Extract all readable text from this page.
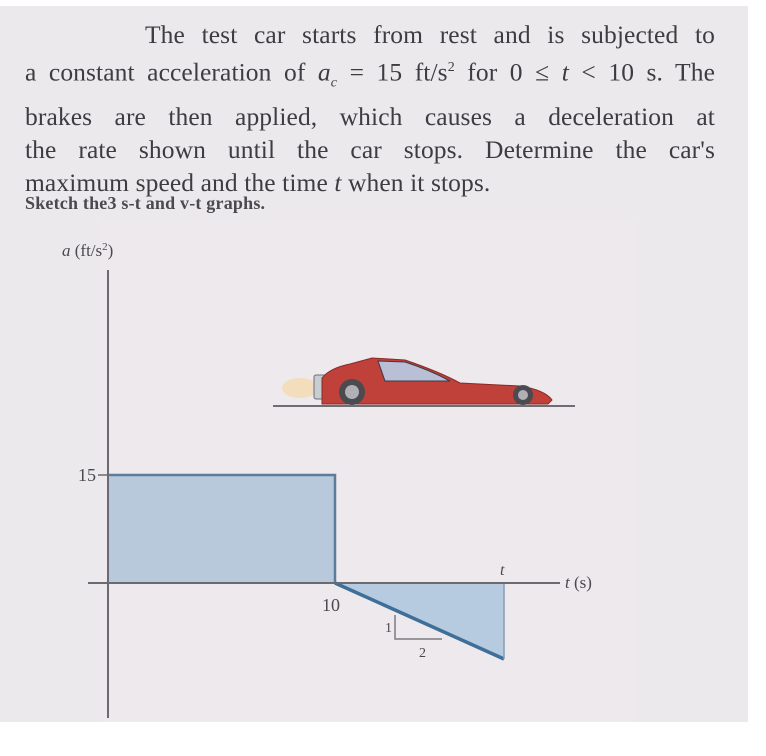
The test car starts from rest and is subjected to
a constant acceleration of $a_c = 15$ $ft/s^2$ for 0 ≤ t < 10 s. The
brakes are then applied, which causes a deceleration at
the rate shown until the car stops. Determine the car's
maximum speed and the time t when it stops.
Sketch the3 s-t and v-t graphs.
a $(ft/s^2)$
15
10
t
t (s)
1
2
